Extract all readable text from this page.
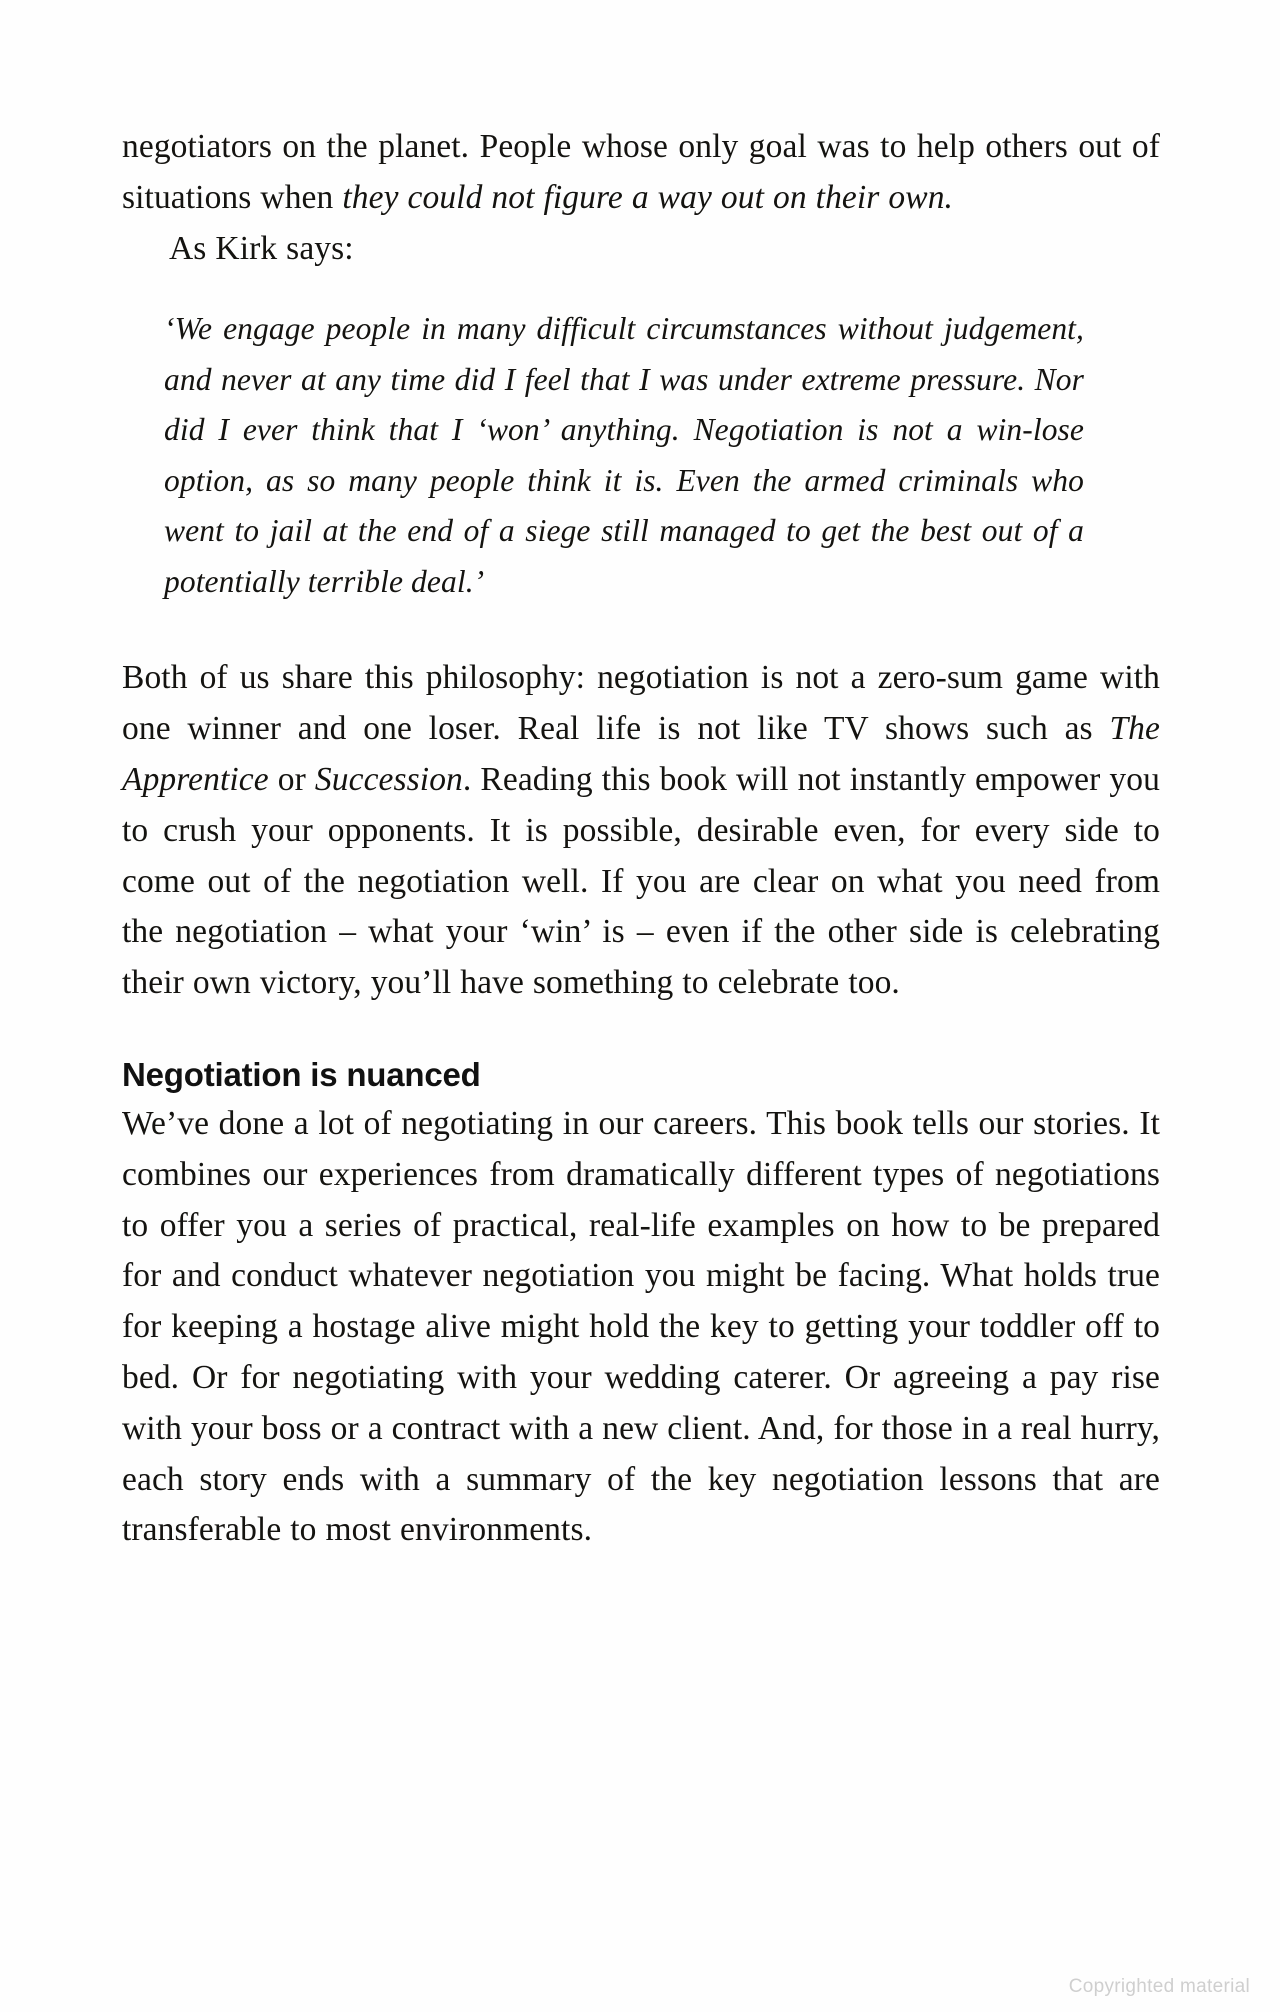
negotiators on the planet. People whose only goal was to help others out of situations when they could not figure a way out on their own.

As Kirk says:

‘We engage people in many difficult circumstances without judgement, and never at any time did I feel that I was under extreme pressure. Nor did I ever think that I ‘won’ anything. Negotiation is not a win-lose option, as so many people think it is. Even the armed criminals who went to jail at the end of a siege still managed to get the best out of a potentially terrible deal.’

Both of us share this philosophy: negotiation is not a zero-sum game with one winner and one loser. Real life is not like TV shows such as The Apprentice or Succession. Reading this book will not instantly empower you to crush your opponents. It is possible, desirable even, for every side to come out of the negotiation well. If you are clear on what you need from the negotiation – what your ‘win’ is – even if the other side is celebrating their own victory, you’ll have something to celebrate too.

Negotiation is nuanced

We’ve done a lot of negotiating in our careers. This book tells our stories. It combines our experiences from dramatically different types of negotiations to offer you a series of practical, real-life examples on how to be prepared for and conduct whatever negotiation you might be facing. What holds true for keeping a hostage alive might hold the key to getting your toddler off to bed. Or for negotiating with your wedding caterer. Or agreeing a pay rise with your boss or a contract with a new client. And, for those in a real hurry, each story ends with a summary of the key negotiation lessons that are transferable to most environments.

Copyrighted material
